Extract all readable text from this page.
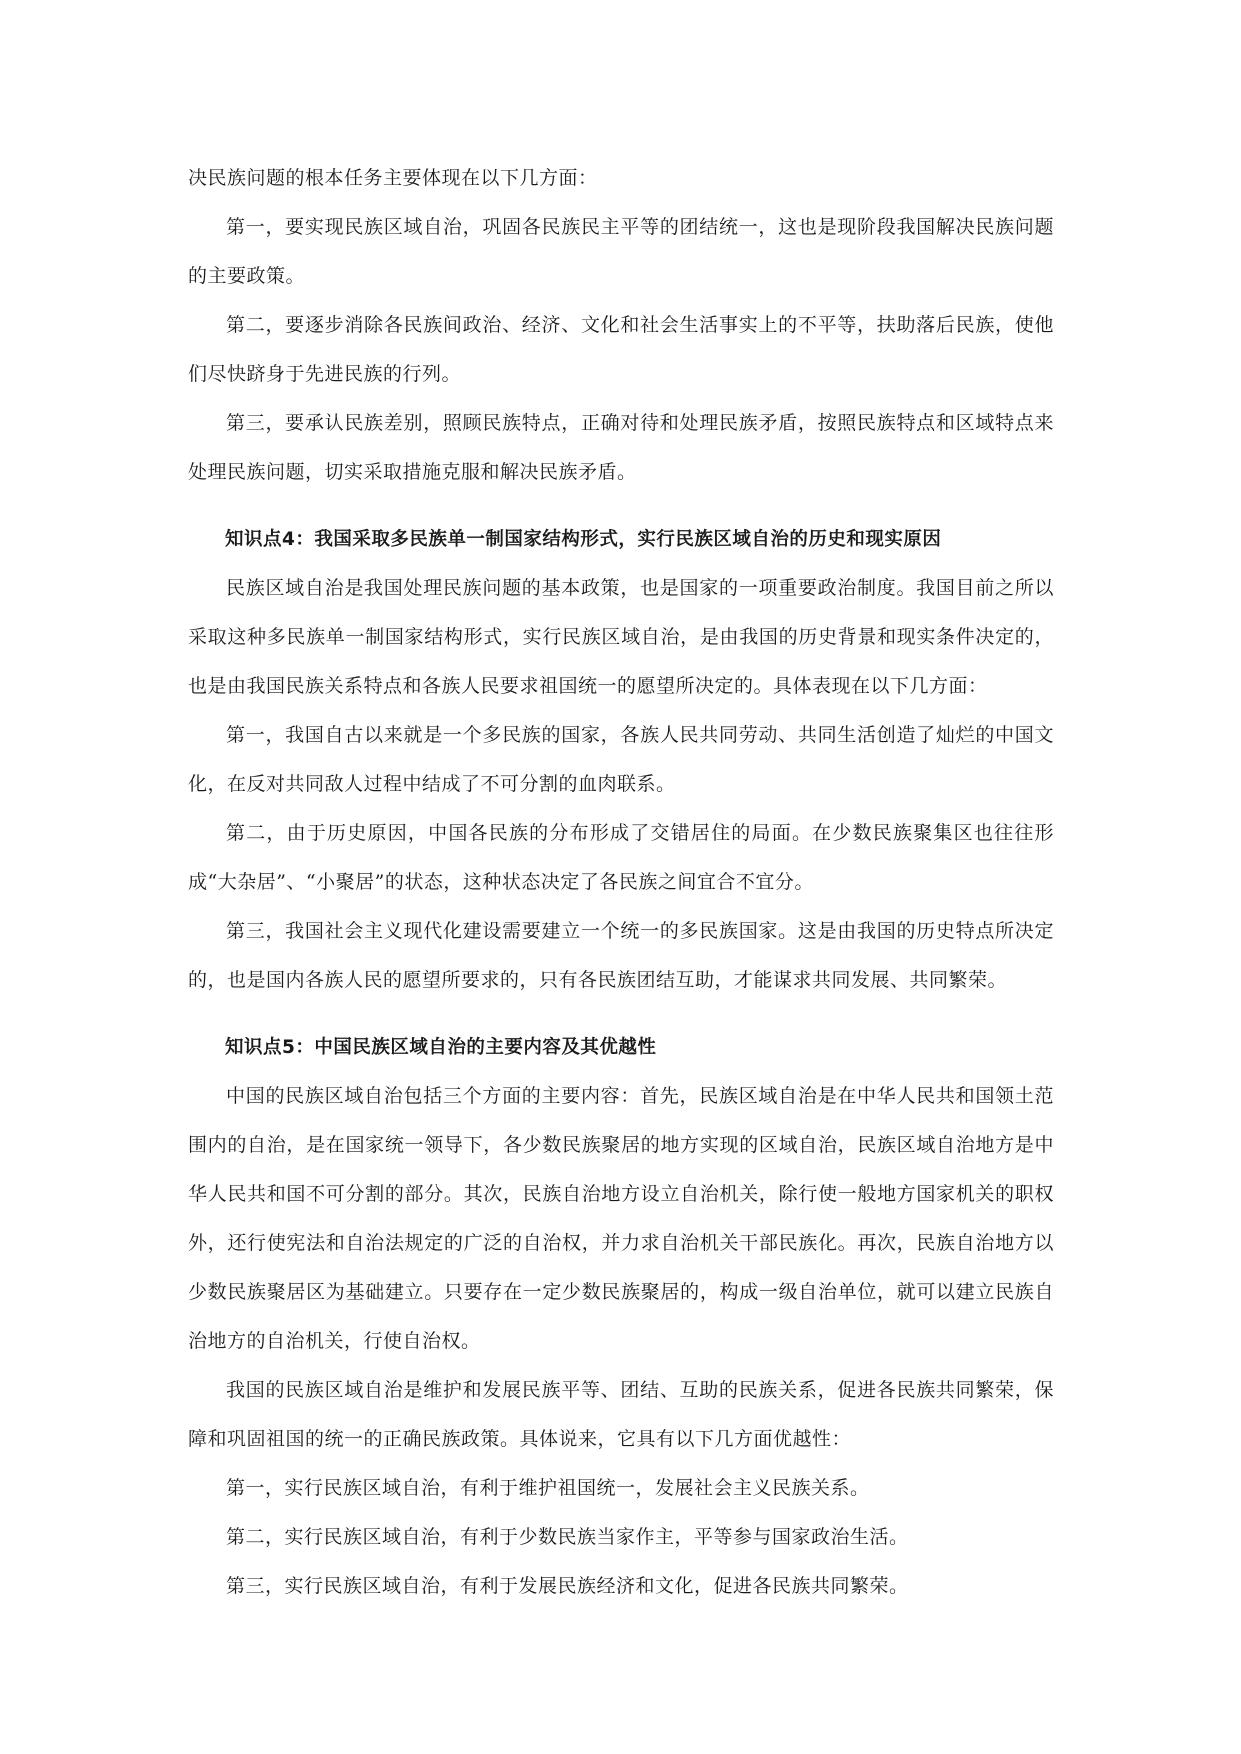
决民族问题的根本任务主要体现在以下几方面：

第一，要实现民族区域自治，巩固各民族民主平等的团结统一，这也是现阶段我国解决民族问题的主要政策。

第二，要逐步消除各民族间政治、经济、文化和社会生活事实上的不平等，扶助落后民族，使他们尽快跻身于先进民族的行列。

第三，要承认民族差别，照顾民族特点，正确对待和处理民族矛盾，按照民族特点和区域特点来处理民族问题，切实采取措施克服和解决民族矛盾。

知识点4：我国采取多民族单一制国家结构形式，实行民族区域自治的历史和现实原因

民族区域自治是我国处理民族问题的基本政策，也是国家的一项重要政治制度。我国目前之所以采取这种多民族单一制国家结构形式，实行民族区域自治，是由我国的历史背景和现实条件决定的，也是由我国民族关系特点和各族人民要求祖国统一的愿望所决定的。具体表现在以下几方面：

第一，我国自古以来就是一个多民族的国家，各族人民共同劳动、共同生活创造了灿烂的中国文化，在反对共同敌人过程中结成了不可分割的血肉联系。

第二，由于历史原因，中国各民族的分布形成了交错居住的局面。在少数民族聚集区也往往形成“大杂居”、“小聚居”的状态，这种状态决定了各民族之间宜合不宜分。

第三，我国社会主义现代化建设需要建立一个统一的多民族国家。这是由我国的历史特点所决定的，也是国内各族人民的愿望所要求的，只有各民族团结互助，才能谋求共同发展、共同繁荣。

知识点5：中国民族区域自治的主要内容及其优越性

中国的民族区域自治包括三个方面的主要内容：首先，民族区域自治是在中华人民共和国领土范围内的自治，是在国家统一领导下，各少数民族聚居的地方实现的区域自治，民族区域自治地方是中华人民共和国不可分割的部分。其次，民族自治地方设立自治机关，除行使一般地方国家机关的职权外，还行使宪法和自治法规定的广泛的自治权，并力求自治机关干部民族化。再次，民族自治地方以少数民族聚居区为基础建立。只要存在一定少数民族聚居的，构成一级自治单位，就可以建立民族自治地方的自治机关，行使自治权。

我国的民族区域自治是维护和发展民族平等、团结、互助的民族关系，促进各民族共同繁荣，保障和巩固祖国的统一的正确民族政策。具体说来，它具有以下几方面优越性：

第一，实行民族区域自治，有利于维护祖国统一，发展社会主义民族关系。

第二，实行民族区域自治，有利于少数民族当家作主，平等参与国家政治生活。

第三，实行民族区域自治，有利于发展民族经济和文化，促进各民族共同繁荣。
